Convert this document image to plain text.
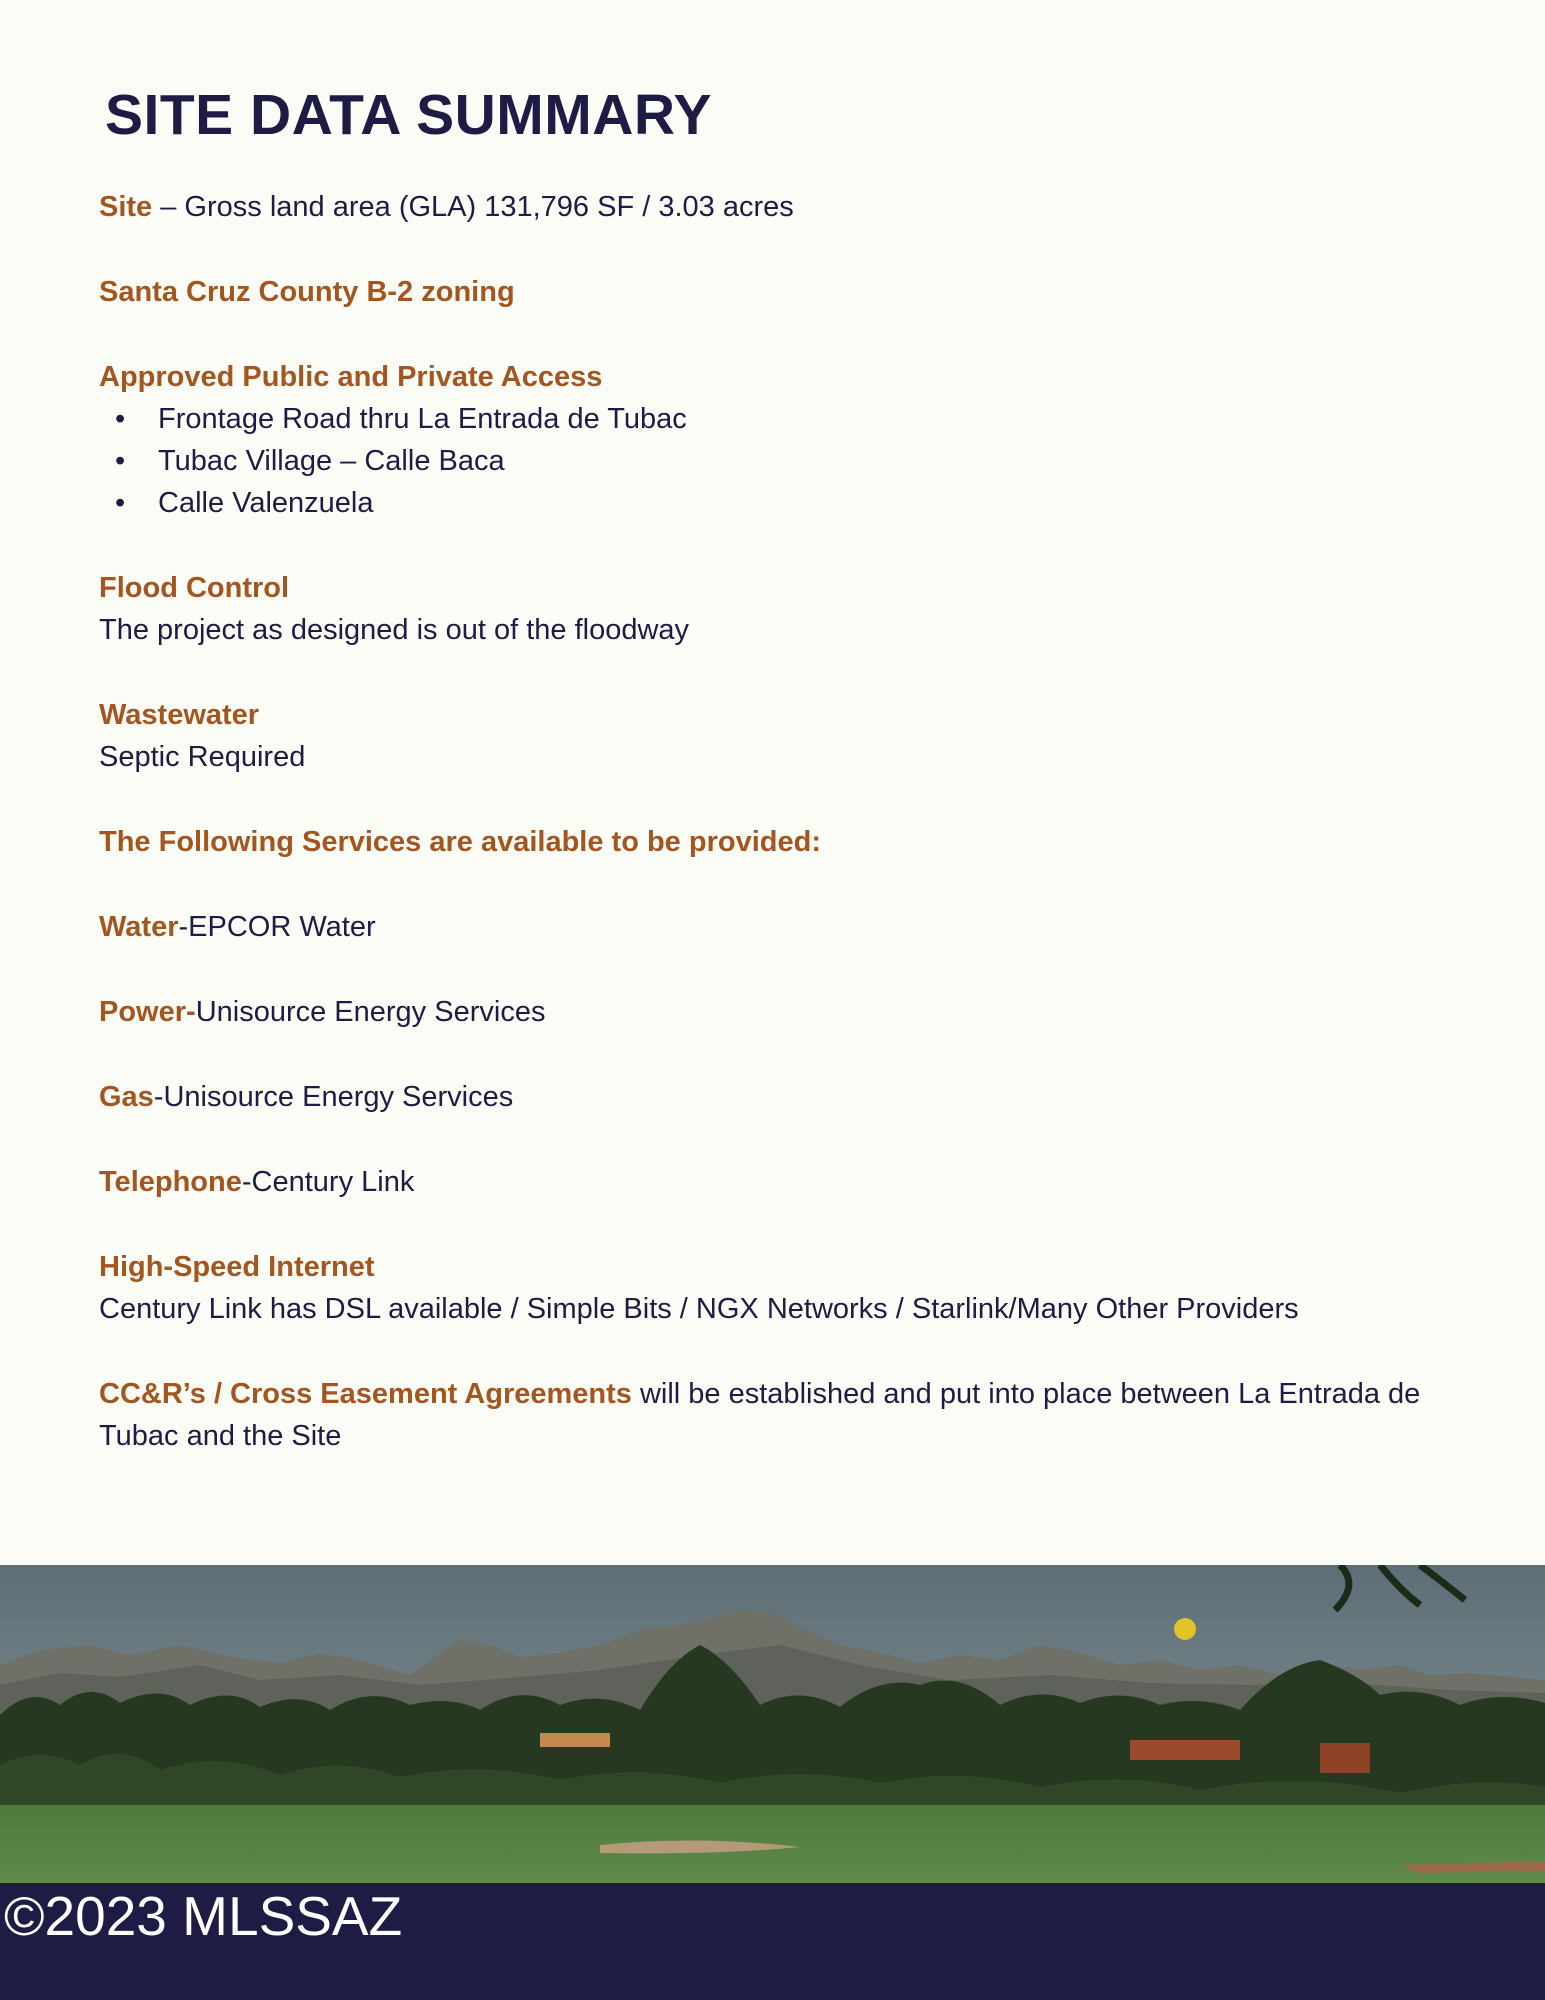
SITE DATA SUMMARY
Site – Gross land area (GLA) 131,796 SF / 3.03 acres
Santa Cruz County B-2 zoning
Approved Public and Private Access
• Frontage Road thru La Entrada de Tubac
• Tubac Village – Calle Baca
• Calle Valenzuela
Flood Control
The project as designed is out of the floodway
Wastewater
Septic Required
The Following Services are available to be provided:
Water-EPCOR Water
Power-Unisource Energy Services
Gas-Unisource Energy Services
Telephone-Century Link
High-Speed Internet
Century Link has DSL available / Simple Bits / NGX Networks / Starlink/Many Other Providers
CC&R’s / Cross Easement Agreements will be established and put into place between La Entrada de Tubac and the Site
©2023 MLSSAZ
